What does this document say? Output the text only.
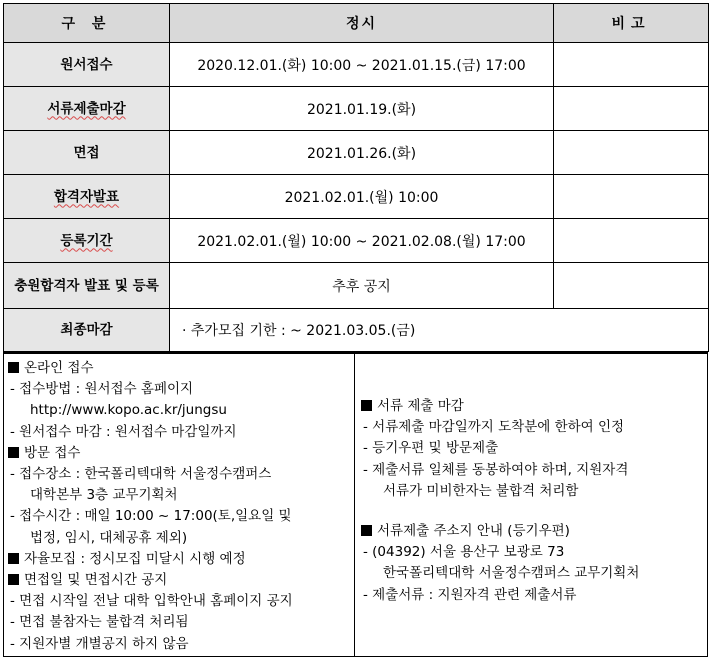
구 분	정시	비고
원서접수	2020.12.01.(화) 10:00 ~ 2021.01.15.(금) 17:00	
서류제출마감	2021.01.19.(화)	
면접	2021.01.26.(화)	
합격자발표	2021.02.01.(월) 10:00	
등록기간	2021.02.01.(월) 10:00 ~ 2021.02.08.(월) 17:00	
충원합격자 발표 및 등록	추후 공지	
최종마감	· 추가모집 기한 : ~ 2021.03.05.(금)	
온라인 접수
- 접수방법 : 원서접수 홈페이지
http://www.kopo.ac.kr/jungsu
- 원서접수 마감 : 원서접수 마감일까지
방문 접수
- 접수장소 : 한국폴리텍대학 서울정수캠퍼스
대학본부 3층 교무기획처
- 접수시간 : 매일 10:00 ~ 17:00(토,일요일 및
법정, 임시, 대체공휴 제외)
자율모집 : 정시모집 미달시 시행 예정
면접일 및 면접시간 공지
- 면접 시작일 전날 대학 입학안내 홈페이지 공지
- 면접 불참자는 불합격 처리됨
- 지원자별 개별공지 하지 않음
서류 제출 마감
- 서류제출 마감일까지 도착분에 한하여 인정
- 등기우편 및 방문제출
- 제출서류 일체를 동봉하여야 하며, 지원자격
서류가 미비한자는 불합격 처리함
서류제출 주소지 안내 (등기우편)
- (04392) 서울 용산구 보광로 73
한국폴리텍대학 서울정수캠퍼스 교무기획처
- 제출서류 : 지원자격 관련 제출서류
